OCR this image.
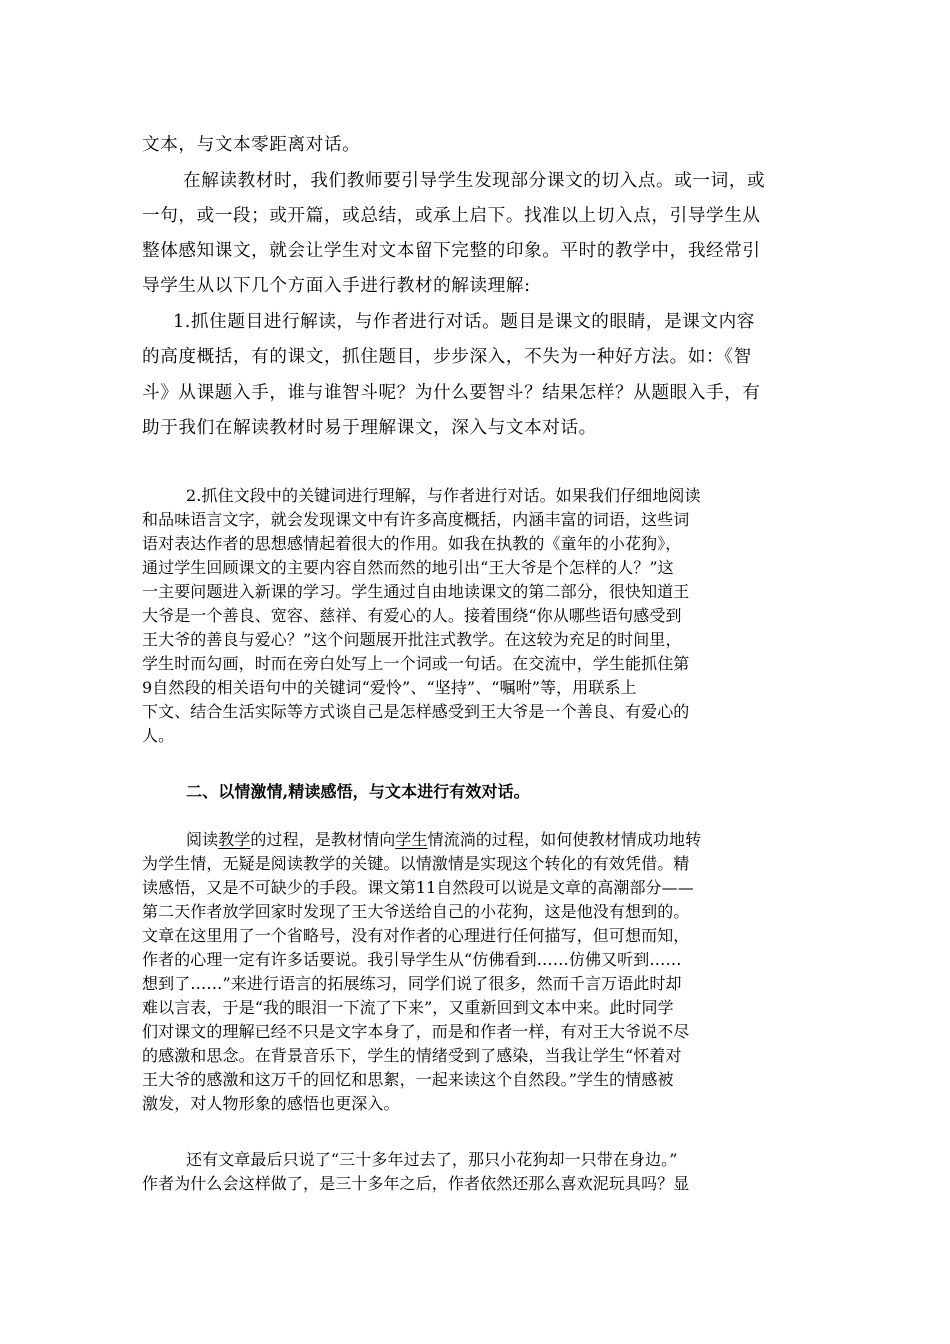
文本，与文本零距离对话。
在解读教材时，我们教师要引导学生发现部分课文的切入点。或一词，或
一句，或一段；或开篇，或总结，或承上启下。找准以上切入点，引导学生从
整体感知课文，就会让学生对文本留下完整的印象。平时的教学中，我经常引
导学生从以下几个方面入手进行教材的解读理解:
1.抓住题目进行解读，与作者进行对话。题目是课文的眼睛，是课文内容
的高度概括，有的课文，抓住题目，步步深入，不失为一种好方法。如：《智
斗》从课题入手，谁与谁智斗呢？为什么要智斗？结果怎样？从题眼入手，有
助于我们在解读教材时易于理解课文，深入与文本对话。
2.抓住文段中的关键词进行理解，与作者进行对话。如果我们仔细地阅读
和品味语言文字，就会发现课文中有许多高度概括，内涵丰富的词语，这些词
语对表达作者的思想感情起着很大的作用。如我在执教的《童年的小花狗》，
通过学生回顾课文的主要内容自然而然的地引出“王大爷是个怎样的人？”这
一主要问题进入新课的学习。学生通过自由地读课文的第二部分，很快知道王
大爷是一个善良、宽容、慈祥、有爱心的人。接着围绕“你从哪些语句感受到
王大爷的善良与爱心？”这个问题展开批注式教学。在这较为充足的时间里，
学生时而勾画，时而在旁白处写上一个词或一句话。在交流中，学生能抓住第
9自然段的相关语句中的关键词“爱怜”、“坚持”、“嘱咐”等，用联系上
下文、结合生活实际等方式谈自己是怎样感受到王大爷是一个善良、有爱心的
人。
二、以情激情,精读感悟，与文本进行有效对话。
阅读教学的过程，是教材情向学生情流淌的过程，如何使教材情成功地转
为学生情，无疑是阅读教学的关键。以情激情是实现这个转化的有效凭借。精
读感悟，又是不可缺少的手段。课文第11自然段可以说是文章的高潮部分——
第二天作者放学回家时发现了王大爷送给自己的小花狗，这是他没有想到的。
文章在这里用了一个省略号，没有对作者的心理进行任何描写，但可想而知，
作者的心理一定有许多话要说。我引导学生从“仿佛看到……仿佛又听到……
想到了……”来进行语言的拓展练习，同学们说了很多，然而千言万语此时却
难以言表，于是“我的眼泪一下流了下来”，又重新回到文本中来。此时同学
们对课文的理解已经不只是文字本身了，而是和作者一样，有对王大爷说不尽
的感激和思念。在背景音乐下，学生的情绪受到了感染，当我让学生“怀着对
王大爷的感激和这万千的回忆和思絮，一起来读这个自然段。”学生的情感被
激发，对人物形象的感悟也更深入。
还有文章最后只说了“三十多年过去了，那只小花狗却一只带在身边。”
作者为什么会这样做了，是三十多年之后，作者依然还那么喜欢泥玩具吗？显
